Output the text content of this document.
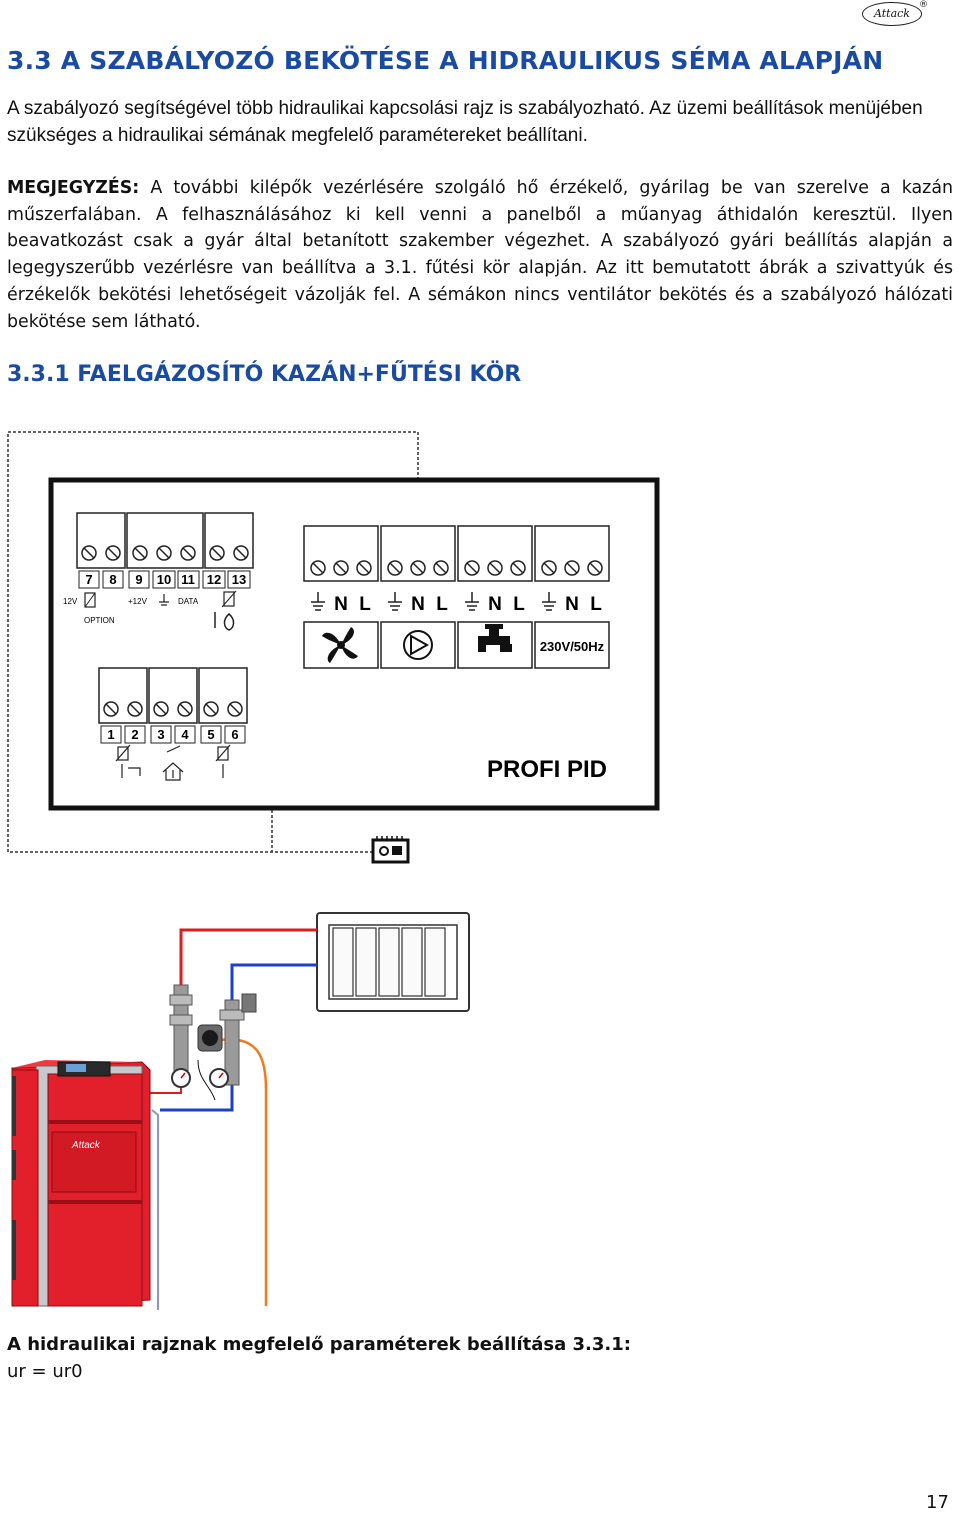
Attack
®
3.3 A SZABÁLYOZÓ BEKÖTÉSE A HIDRAULIKUS SÉMA ALAPJÁN
A szabályozó segítségével több hidraulikai kapcsolási rajz is szabályozható. Az üzemi beállítások menüjében szükséges a hidraulikai sémának megfelelő paramétereket beállítani.
MEGJEGYZÉS: A további kilépők vezérlésére szolgáló hő érzékelő, gyárilag be van szerelve a kazán műszerfalában. A felhasználásához ki kell venni a panelből a műanyag áthidalón keresztül. Ilyen beavatkozást csak a gyár által betanított szakember végezhet. A szabályozó gyári beállítás alapján a legegyszerűbb vezérlésre van beállítva a 3.1. fűtési kör alapján. Az itt bemutatott ábrák a szivattyúk és érzékelők bekötési lehetőségeit vázolják fel. A sémákon nincs ventilátor bekötés és a szabályozó hálózati bekötése sem látható.
3.3.1 FAELGÁZOSÍTÓ KAZÁN+FŰTÉSI KÖR
7 8 9 10 11 12 13
12V	+12V	DATA
OPTION
N L N L N L N L
230V/50Hz
1 2 3 4 5 6
PROFI PID
Attack
A hidraulikai rajznak megfelelő paraméterek beállítása 3.3.1:
ur = ur0
17
